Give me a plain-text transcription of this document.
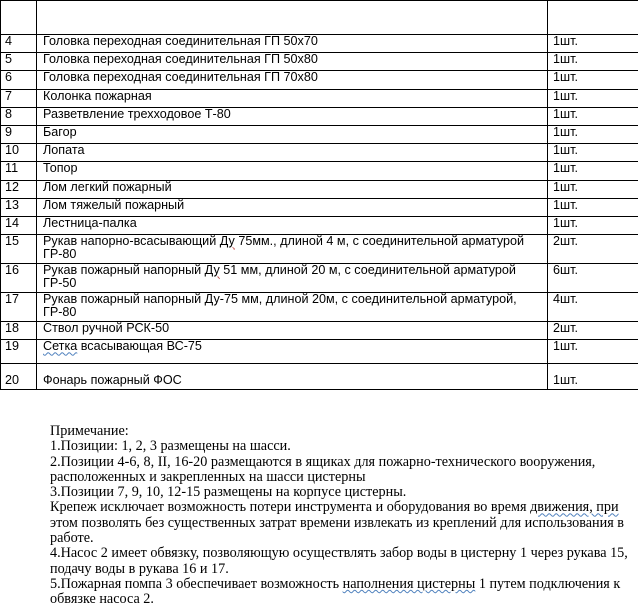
4	Головка переходная соединительная ГП 50х70	1шт.
5	Головка переходная соединительная ГП 50х80	1шт.
6	Головка переходная соединительная ГП 70х80	1шт.
7	Колонка пожарная	1шт.
8	Разветвление трехходовое Т-80	1шт.
9	Багор	1шт.
10	Лопата	1шт.
11	Топор	1шт.
12	Лом легкий пожарный	1шт.
13	Лом тяжелый пожарный	1шт.
14	Лестница-палка	1шт.
15	Рукав напорно-всасывающий Ду 75мм., длиной 4 м, с соединительной арматурой ГР-80	2шт.
16	Рукав пожарный напорный Ду 51 мм, длиной 20 м, с соединительной арматурой ГР-50	6шт.
17	Рукав пожарный напорный Ду-75 мм, длиной 20м, с соединительной арматурой, ГР-80	4шт.
18	Ствол ручной РСК-50	2шт.
19	Сетка всасывающая ВС-75	1шт.
20	Фонарь пожарный ФОС	1шт.

Примечание:

1.Позиции: 1, 2, 3 размещены на шасси.

2.Позиции 4-6, 8, II, 16-20 размещаются в ящиках для пожарно-технического вооружения, расположенных и закрепленных на шасси цистерны

3.Позиции 7, 9, 10, 12-15 размещены на корпусе цистерны.

Крепеж исключает возможность потери инструмента и оборудования во время движения, при этом позволять без существенных затрат времени извлекать из креплений для использования в работе.

4.Насос 2 имеет обвязку, позволяющую осуществлять забор воды в цистерну 1 через рукава 15, подачу воды в рукава 16 и 17.

5.Пожарная помпа 3 обеспечивает возможность наполнения цистерны 1 путем подключения к обвязке насоса 2.
